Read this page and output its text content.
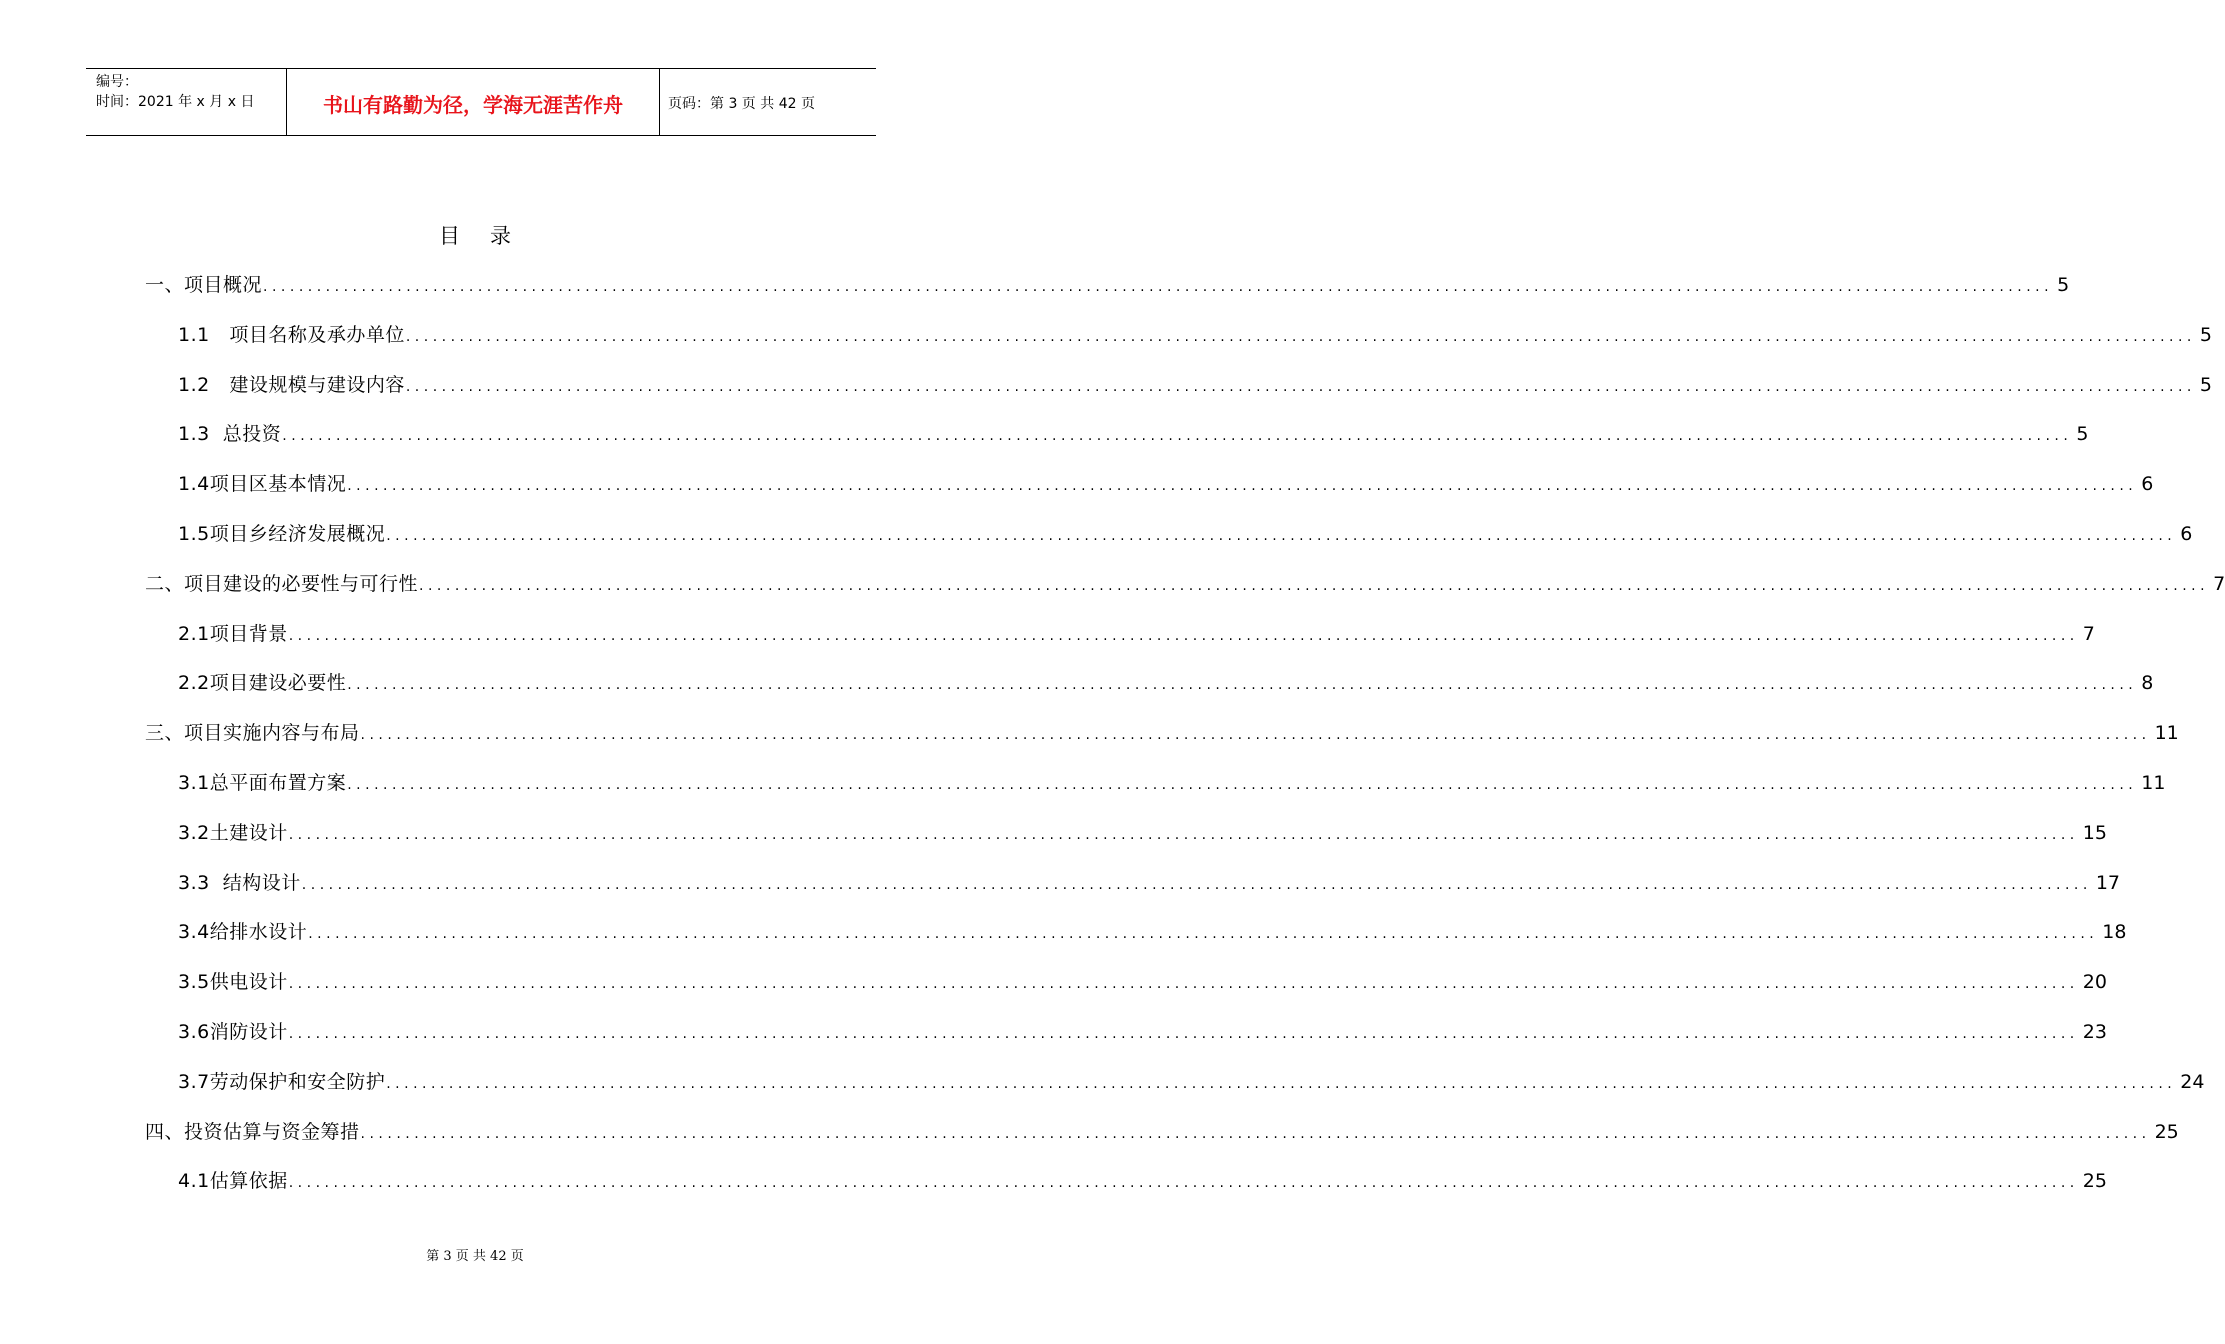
编号：
时间：2021 年 x 月 x 日	书山有路勤为径，学海无涯苦作舟	页码：第 3 页 共 42 页
目录
一、项目概况 ........................................................................................................................................................................................................ 5
1.1   项目名称及承办单位 ........................................................................................................................................................................................................ 5
1.2   建设规模与建设内容 ........................................................................................................................................................................................................ 5
1.3  总投资 ........................................................................................................................................................................................................ 5
1.4项目区基本情况 ........................................................................................................................................................................................................ 6
1.5项目乡经济发展概况 ........................................................................................................................................................................................................ 6
二、项目建设的必要性与可行性 ........................................................................................................................................................................................................ 7
2.1项目背景 ........................................................................................................................................................................................................ 7
2.2项目建设必要性 ........................................................................................................................................................................................................ 8
三、项目实施内容与布局 ........................................................................................................................................................................................................ 11
3.1总平面布置方案 ........................................................................................................................................................................................................ 11
3.2土建设计 ........................................................................................................................................................................................................ 15
3.3  结构设计 ........................................................................................................................................................................................................ 17
3.4给排水设计 ........................................................................................................................................................................................................ 18
3.5供电设计 ........................................................................................................................................................................................................ 20
3.6消防设计 ........................................................................................................................................................................................................ 23
3.7劳动保护和安全防护 ........................................................................................................................................................................................................ 24
四、投资估算与资金筹措 ........................................................................................................................................................................................................ 25
4.1估算依据 ........................................................................................................................................................................................................ 25
第 3 页 共 42 页
